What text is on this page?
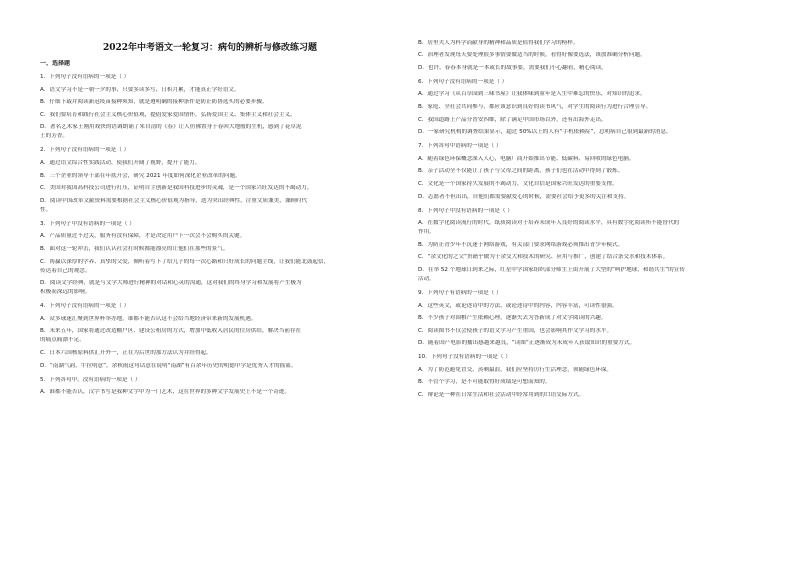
2022年中考语文一轮复习：病句的辨析与修改练习题
一、选择题
1．下列句子没有语病的一项是（ ）
A．语文学习不是一朝一夕的事，只要多读多写，日积月累，才能真正学好语文。
B．仔细下载并阅读新冠疫苗接种须知，就是遵明确的接种条件是防止防协选买的必要步骤。
C．我们要培育和践行社会主义核心价值观，提倡爱家爱国情怀，弘扬爱国主义、集体主义和社会主义。
D．著名艺术家王刚用戏快的语调朗诵了朱自清的《春》让人仿佛置身于春回大地般的生机，感到了花草泥
土的芳香。
2．下列句子没有语病的一项是（ ）
A．通过语文综合性实践活动，使我们开阔了视野，提升了能力。
B．三个企业的领导干部在年底开会，研究 2021 年度如何深化企业改革的问题。
C．美国对我国高科技公司进行打压，证明自主创新是我国科技进步的灵魂，是一个国家兴旺发达的不竭动力。
D．阅读中国改革文献资料需要根据社会主义核心价值观为指导，迭为突出经典性，注重文质兼美，兼顾时代
性。
3．下列句子中没有语病的一项是（ ）
A．产品质量过不过关，服务有没有保障，才是决定用户下一次会不会购买的关键。
B．面对这一轮冲击，我们认认社会打时候都能漂亮的让他们在那些的景气。
C．祷赢以深厚的学养、真挚的父爱，倾听着写下了给儿子的每一次心路和只好成长的问题主线，让我们能北鼓起信，
传达着自己的观念。
D．阅读文学经典，就是与文学大师进行精神的对话和心灵的沟通，这对我们的终身学习和发展将产生极为
积极而深远的影响。
4．下列句子没有语病的一项是（ ）
A．众多球迷汇聚到世界杯举办地，谁都不能否认这不会给当地经济带来新的发展机遇。
B．未来五年，国家将通过改造棚户区、建设公租房的方式，增加中低收入居民的住房供给，解决当前存在
的痛点痛漂不足。
C．日本六国核原料供汇开外一，正在为后世的那方法认为并经得起。
D．“南湖气韵，牛拉明意”，余秋雨这句话意在说明“南湖”有百余年历史的明德中学是优秀人才的摇篮。
5．下列各句中，没有语病的一项是（ ）
A．谁都不能否认，汉字书写是我种文字中为一门艺术，这在世界的多种文字发展史上不是一个奇迹。
B．居里夫人为科学而献身的精神和品质是值得我们学习的榜样。
C．治理者发现每天要处理很多事情要做适当的时候，看得好像要选法，该放准确分析问题。
D．也许，春春本身就是一本或长的故事要，需要我们小心翻看，精心阅读。
6．下列句子没有语病的一项是（ ）
A．通过学习《从百草园到三味书屋》让我体味到童年是人生中难忘的快乐，对知识的追求。
B．家庭、全社会共同参与，都应该意识到良好的读书风气，对学生的阅读行为进行合理引导。
C．我国道路上产品分普安四维，除了满足中国市场以外，还有出海外走出。
D．一家研究机构的调查结果显示，超过 50%以上的人有“手机依赖症”，总明病自己很到最新的消息。
7．下列各句中语病的一项是（ ）
A．随着绿色环保概念深入人心，电脑厂商开始推出节能、低碳料、易回收的绿色电脑。
B．亲子活动全不仅能让了孩子与父母之间的距离，孩子们也在活动中得到了锻炼。
C．文化是一个国家持久发展的不竭动力，文化自信是国家兴旺发达的重要支撑。
D．志愿者不但出出，自他们都需要献爱心的时候，需要社会给予更多的关注和支持。
8．下列句子中没有语病的一项是（ ）
A．在数字化阅读流行的时代，纸质阅读对于培养未成年人良好的阅读水平，具有数字化阅读所不能替代的
作用。
B．为防止青少年不沉迷于网络游戏，有关部门要求网络游戏必须推出青少年模式。
C．“余文化的之父”贵籍乎做为于余交大和技术的研究、应用与推广，创建了结合条交水和技术体系。
D．在举 52 个地球日到来之际，红星中学国家组织部分师生上街开展了大型的“呵护地球，和谐共生”的宣传
活动。
9．下列句子有语病的一项是（ ）
A．这些英文，或论述诗中的方法，或论述诗中的内容，内容丰富，可读性很强。
B．不少孩子对围棋产生依赖心理，逐渐失去为答新成了对文学阅读的兴趣。
C．阅读图书不仅会使孩子的语文学习产生重国，也会影响其作文学习的水平。
D．随着国产电影的播出感越来越良，“读图”正逐渐成为未成年人获取知识的重要方式。
10．下列句子没有语病的一项是（ ）
A．为了防范避免冒交、蒸剩最浪，我们应坚持厉行生活理念，领随绿色环保。
B．不管个学习，是不可能取得好成绩是可想而知的。
C．辩论是一种在日常生活和社会活动中经常用到的口语交际方式。
